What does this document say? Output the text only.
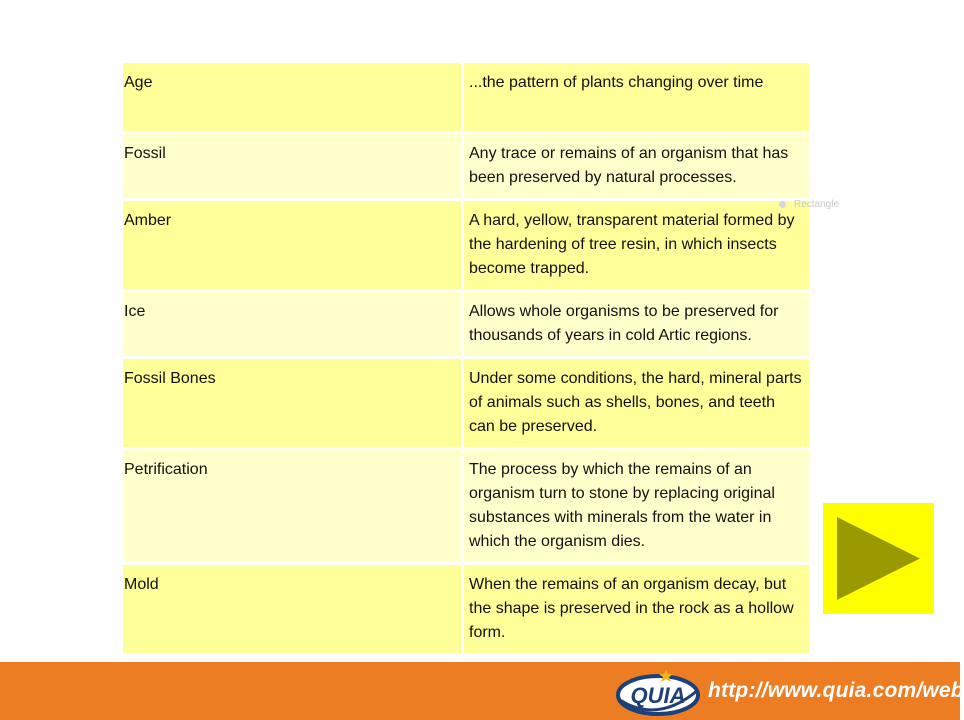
Age	...the pattern of plants changing over time
Fossil	Any trace or remains of an organism that has been preserved by natural processes.
Amber	A hard, yellow, transparent material formed by the hardening of tree resin, in which insects become trapped.
Ice	Allows whole organisms to be preserved for thousands of years in cold Artic regions.
Fossil Bones	Under some conditions, the hard, mineral parts of animals such as shells, bones, and teeth can be preserved.
Petrification	The process by which the remains of an organism turn to stone by replacing original substances with minerals from the water in which the organism dies.
Mold	When the remains of an organism decay, but the shape is preserved in the rock as a hollow form.
Rectangle
QUIA http://www.quia.com/web
